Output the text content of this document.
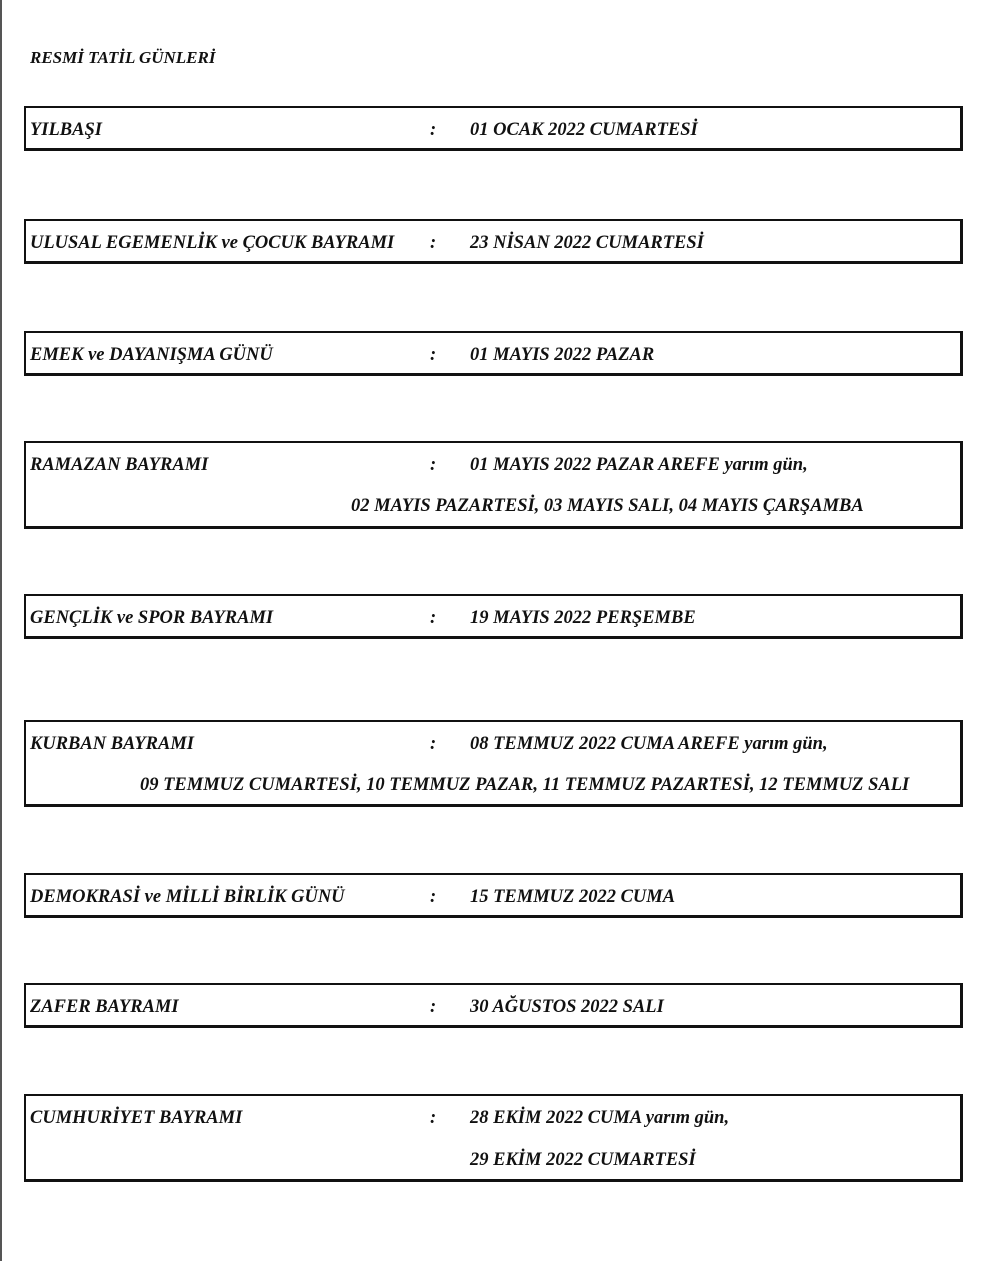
RESMİ TATİL GÜNLERİ
YILBAŞI	: 01 OCAK 2022 CUMARTESİ
ULUSAL EGEMENLİK ve ÇOCUK BAYRAMI : 23 NİSAN 2022 CUMARTESİ
EMEK ve DAYANIŞMA GÜNÜ	: 01 MAYIS 2022 PAZAR
RAMAZAN BAYRAMI	: 01 MAYIS 2022 PAZAR AREFE yarım gün,
02 MAYIS PAZARTESİ, 03 MAYIS SALI, 04 MAYIS ÇARŞAMBA
GENÇLİK ve SPOR BAYRAMI	: 19 MAYIS 2022 PERŞEMBE
KURBAN BAYRAMI	: 08 TEMMUZ 2022 CUMA AREFE yarım gün,
09 TEMMUZ CUMARTESİ, 10 TEMMUZ PAZAR, 11 TEMMUZ PAZARTESİ, 12 TEMMUZ SALI
DEMOKRASİ ve MİLLİ BİRLİK GÜNÜ	: 15 TEMMUZ 2022 CUMA
ZAFER BAYRAMI	: 30 AĞUSTOS 2022 SALI
CUMHURİYET BAYRAMI	: 28 EKİM 2022 CUMA yarım gün,
29 EKİM 2022 CUMARTESİ
